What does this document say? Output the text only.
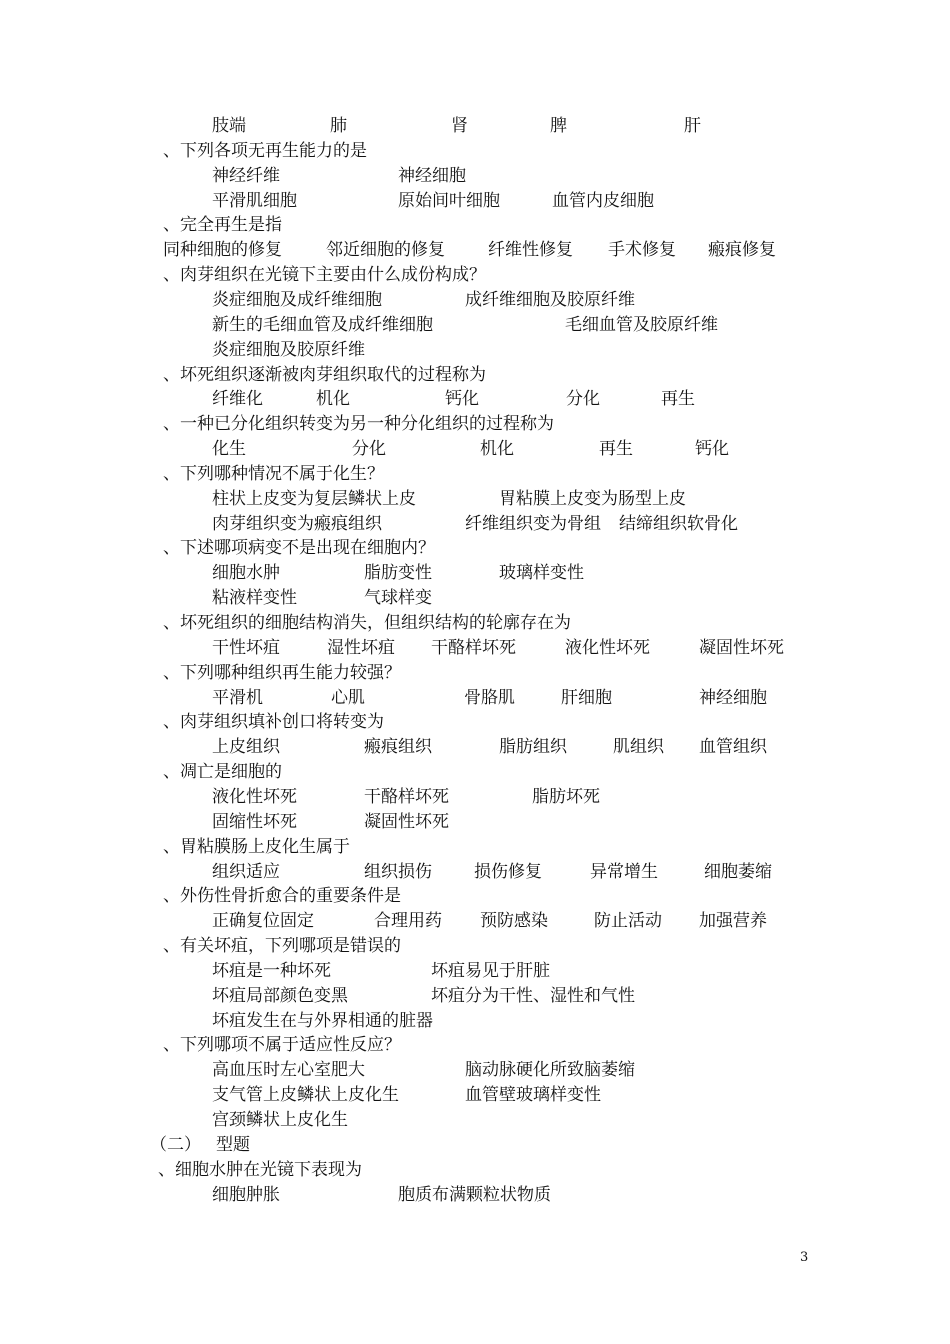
肢端	肺	肾	脾	肝
、下列各项无再生能力的是
神经纤维	神经细胞
平滑肌细胞	原始间叶细胞	血管内皮细胞
、完全再生是指
同种细胞的修复	邻近细胞的修复	纤维性修复 手术修复 瘢痕修复
、肉芽组织在光镜下主要由什么成份构成？
炎症细胞及成纤维细胞	成纤维细胞及胶原纤维
新生的毛细血管及成纤维细胞	毛细血管及胶原纤维
炎症细胞及胶原纤维
、坏死组织逐渐被肉芽组织取代的过程称为
纤维化	机化	钙化	分化	再生
、一种已分化组织转变为另一种分化组织的过程称为
化生	分化	机化	再生	钙化
、下列哪种情况不属于化生？
柱状上皮变为复层鳞状上皮	胃粘膜上皮变为肠型上皮
肉芽组织变为瘢痕组织	纤维组织变为骨组 结缔组织软骨化
、下述哪项病变不是出现在细胞内？
细胞水肿	脂肪变性	玻璃样变性
粘液样变性	气球样变
、坏死组织的细胞结构消失，但组织结构的轮廓存在为
干性坏疽	湿性坏疽 干酪样坏死	液化性坏死	凝固性坏死
、下列哪种组织再生能力较强？
平滑机	心肌	骨胳肌	肝细胞	神经细胞
、肉芽组织填补创口将转变为
上皮组织	瘢痕组织	脂肪组织	肌组织 血管组织
、凋亡是细胞的
液化性坏死	干酪样坏死	脂肪坏死
固缩性坏死	凝固性坏死
、胃粘膜肠上皮化生属于
组织适应	组织损伤 损伤修复	异常增生	细胞萎缩
、外伤性骨折愈合的重要条件是
正确复位固定	合理用药 预防感染	防止活动 加强营养
、有关坏疽，下列哪项是错误的
坏疽是一种坏死	坏疽易见于肝脏
坏疽局部颜色变黑	坏疽分为干性、湿性和气性
坏疽发生在与外界相通的脏器
、下列哪项不属于适应性反应？
高血压时左心室肥大	脑动脉硬化所致脑萎缩
支气管上皮鳞状上皮化生	血管壁玻璃样变性
宫颈鳞状上皮化生
（二） 型题
、细胞水肿在光镜下表现为
细胞肿胀	胞质布满颗粒状物质
3
